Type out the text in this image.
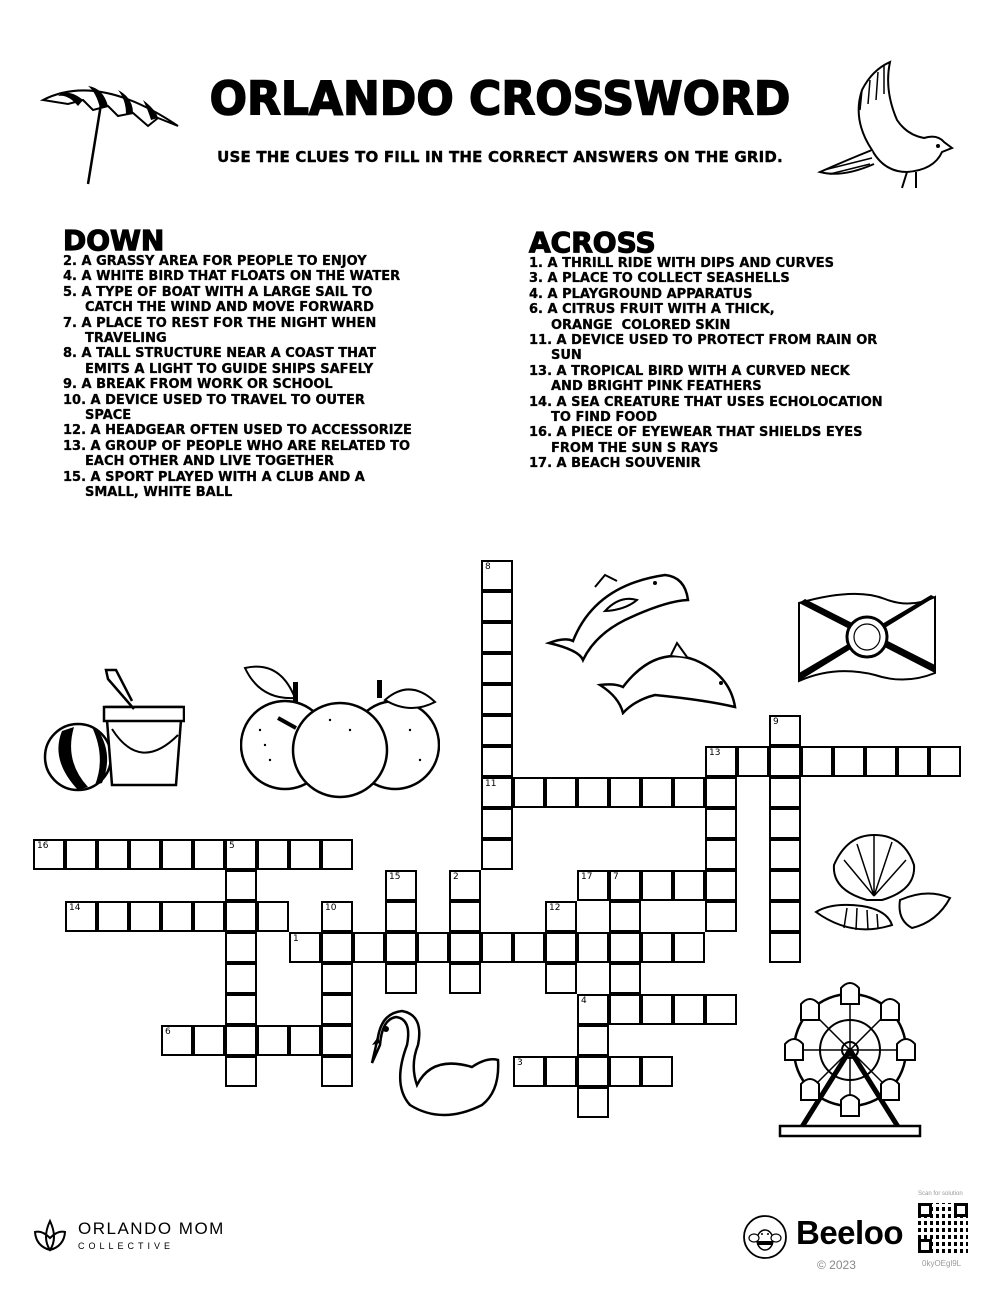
ORLANDO CROSSWORD
USE THE CLUES TO FILL IN THE CORRECT ANSWERS ON THE GRID.
DOWN
2. A GRASSY AREA FOR PEOPLE TO ENJOY
4. A WHITE BIRD THAT FLOATS ON THE WATER
5. A TYPE OF BOAT WITH A LARGE SAIL TO
CATCH THE WIND AND MOVE FORWARD
7. A PLACE TO REST FOR THE NIGHT WHEN
TRAVELING
8. A TALL STRUCTURE NEAR A COAST THAT
EMITS A LIGHT TO GUIDE SHIPS SAFELY
9. A BREAK FROM WORK OR SCHOOL
10. A DEVICE USED TO TRAVEL TO OUTER
SPACE
12. A HEADGEAR OFTEN USED TO ACCESSORIZE
13. A GROUP OF PEOPLE WHO ARE RELATED TO
EACH OTHER AND LIVE TOGETHER
15. A SPORT PLAYED WITH A CLUB AND A
SMALL, WHITE BALL
ACROSS
1. A THRILL RIDE WITH DIPS AND CURVES
3. A PLACE TO COLLECT SEASHELLS
4. A PLAYGROUND APPARATUS
6. A CITRUS FRUIT WITH A THICK,
ORANGE  COLORED SKIN
11. A DEVICE USED TO PROTECT FROM RAIN OR
SUN
13. A TROPICAL BIRD WITH A CURVED NECK
AND BRIGHT PINK FEATHERS
14. A SEA CREATURE THAT USES ECHOLOCATION
TO FIND FOOD
16. A PIECE OF EYEWEAR THAT SHIELDS EYES
FROM THE SUN S RAYS
17. A BEACH SOUVENIR
1
3
4
6
11
13
14
16	5
17 7
2
8
9
10	12
15
ORLANDO MOM
COLLECTIVE	Beeloo
© 2023
Scan for solution
0kyOEgl9L
